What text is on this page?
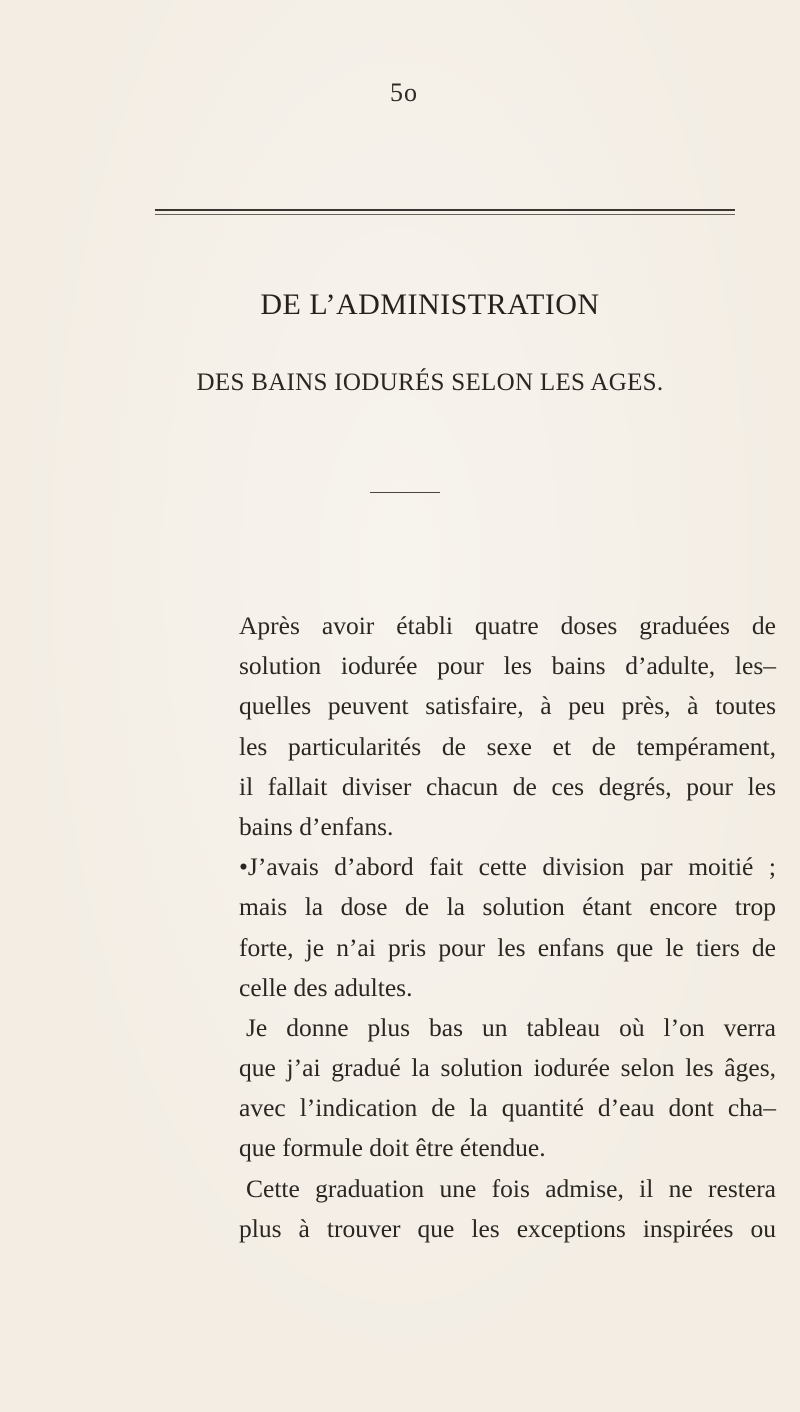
5o
DE L’ADMINISTRATION
DES BAINS IODURÉS SELON LES AGES.
Après avoir établi quatre doses graduées de
solution iodurée pour les bains d’adulte, les–
quelles peuvent satisfaire, à peu près, à toutes
les particularités de sexe et de tempérament,
il fallait diviser chacun de ces degrés, pour les
bains d’enfans.
•J’avais d’abord fait cette division par moitié ;
mais la dose de la solution étant encore trop
forte, je n’ai pris pour les enfans que le tiers de
celle des adultes.
Je donne plus bas un tableau où l’on verra
que j’ai gradué la solution iodurée selon les âges,
avec l’indication de la quantité d’eau dont cha–
que formule doit être étendue.
Cette graduation une fois admise, il ne restera
plus à trouver que les exceptions inspirées ou
